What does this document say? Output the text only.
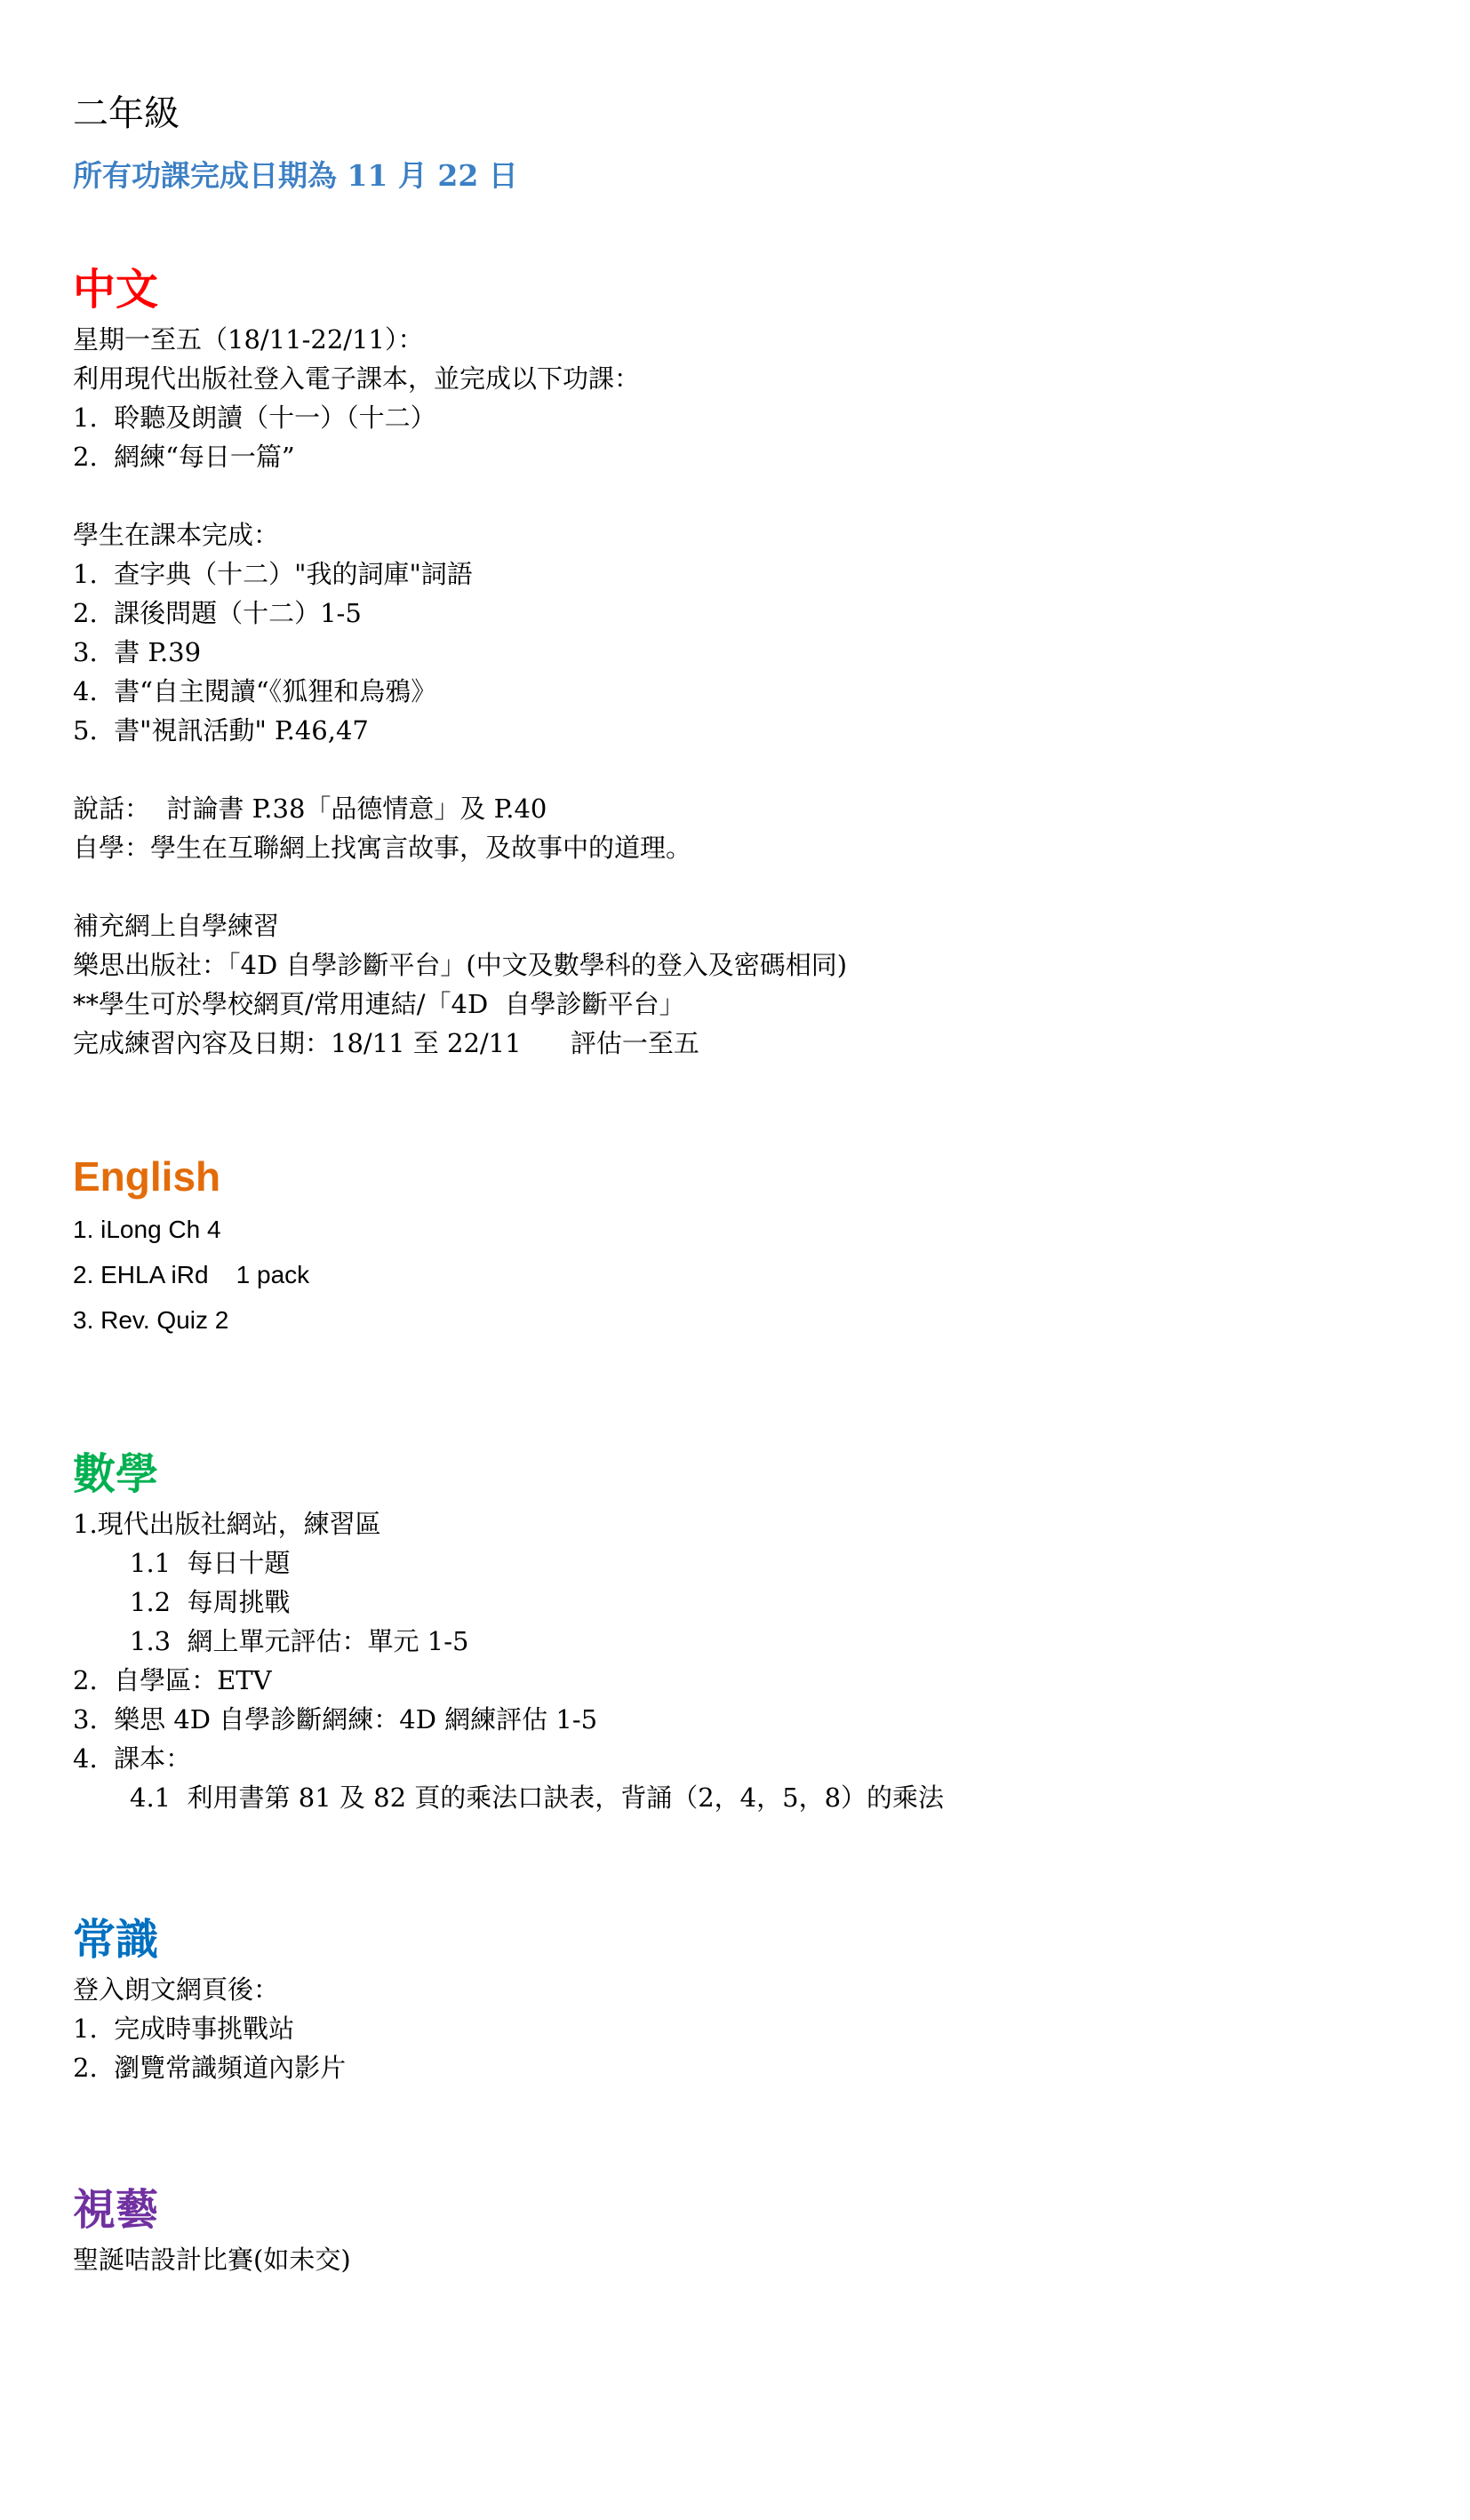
二年級
所有功課完成日期為 11 月 22 日
中文
星期一至五（18/11-22/11）：
利用現代出版社登入電子課本，並完成以下功課：
1.  聆聽及朗讀（十一）（十二）
2.  網練“每日一篇”
學生在課本完成：
1.  查字典（十二）"我的詞庫"詞語
2.  課後問題（十二）1-5
3.  書 P.39
4.  書“自主閱讀“《狐狸和烏鴉》
5.  書"視訊活動" P.46,47
說話：  討論書 P.38「品德情意」及 P.40
自學：學生在互聯網上找寓言故事，及故事中的道理。
補充網上自學練習
樂思出版社：「4D 自學診斷平台」(中文及數學科的登入及密碼相同)
**學生可於學校網頁/常用連結/「4D  自學診斷平台」
完成練習內容及日期：18/11 至 22/11      評估一至五
English
1. iLong Ch 4
2. EHLA iRd    1 pack
3. Rev. Quiz 2
數學
1.現代出版社網站，練習區
1.1  每日十題
1.2  每周挑戰
1.3  網上單元評估：單元 1-5
2.  自學區：ETV
3.  樂思 4D 自學診斷網練：4D 網練評估 1-5
4.  課本：
4.1  利用書第 81 及 82 頁的乘法口訣表，背誦（2，4，5，8）的乘法
常識
登入朗文網頁後：
1.  完成時事挑戰站
2.  瀏覽常識頻道內影片
視藝
聖誕咭設計比賽(如未交)
